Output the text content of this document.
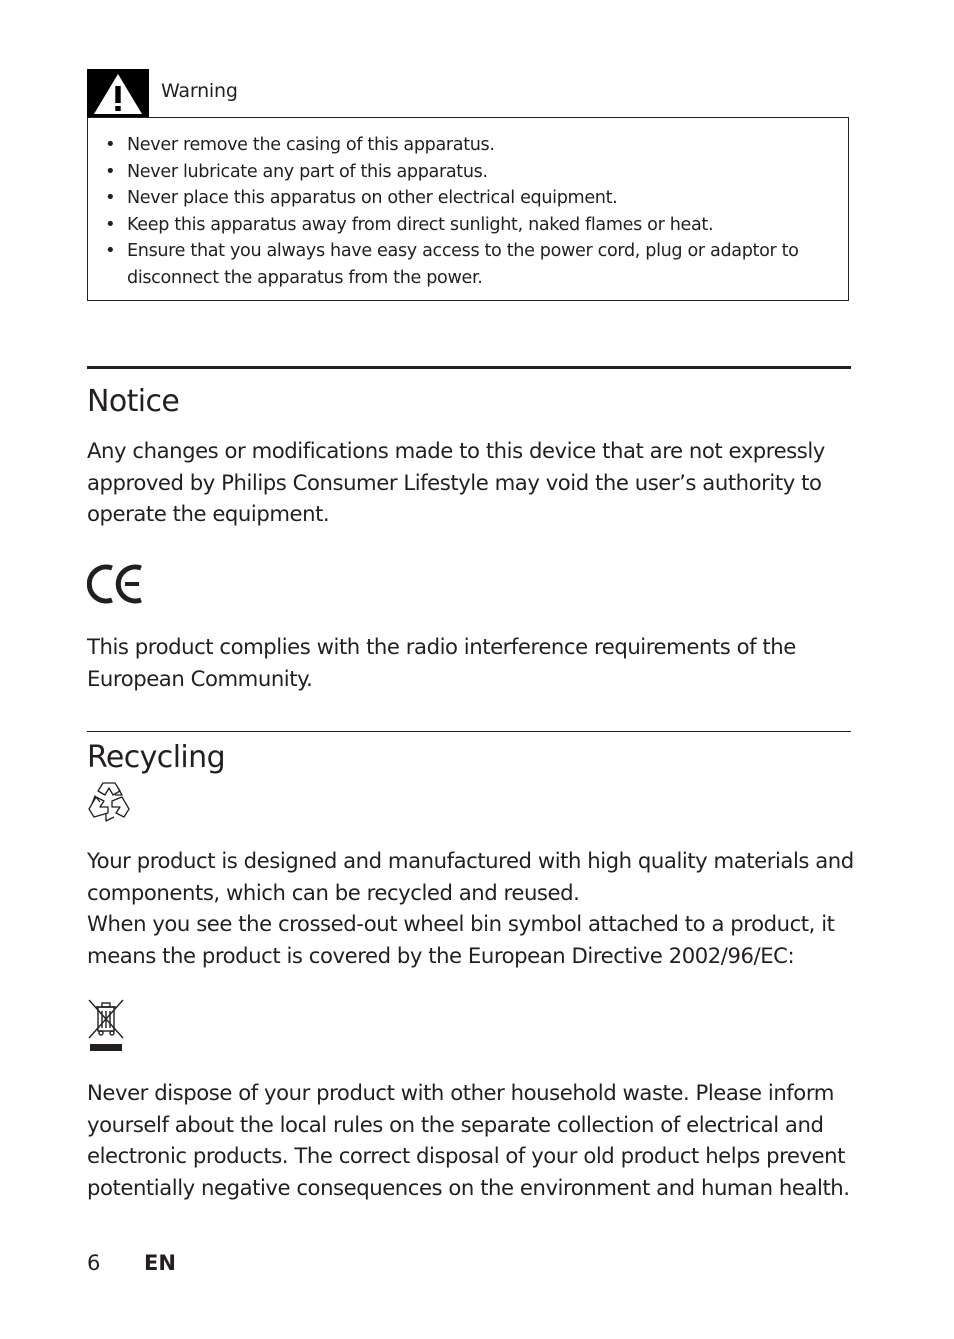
Warning
• Never remove the casing of this apparatus.
• Never lubricate any part of this apparatus.
• Never place this apparatus on other electrical equipment.
• Keep this apparatus away from direct sunlight, naked flames or heat.
• Ensure that you always have easy access to the power cord, plug or adaptor to disconnect the apparatus from the power.
Notice

Any changes or modifications made to this device that are not expressly approved by Philips Consumer Lifestyle may void the user’s authority to operate the equipment.

This product complies with the radio interference requirements of the European Community.

Recycling

Your product is designed and manufactured with high quality materials and components, which can be recycled and reused.

When you see the crossed-out wheel bin symbol attached to a product, it means the product is covered by the European Directive 2002/96/EC:

Never dispose of your product with other household waste. Please inform yourself about the local rules on the separate collection of electrical and electronic products. The correct disposal of your old product helps prevent potentially negative consequences on the environment and human health.

6 EN
